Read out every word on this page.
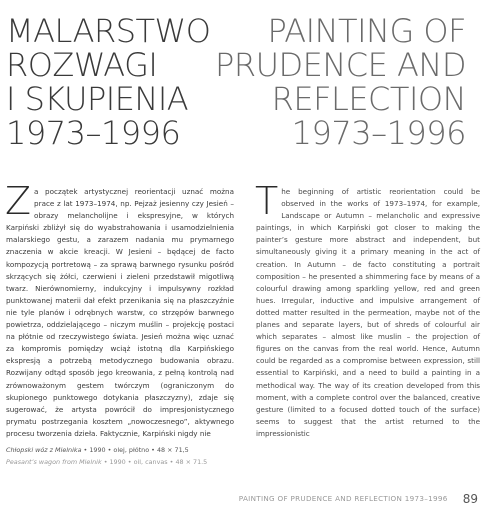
MALARSTWO
ROZWAGI
I SKUPIENIA
1973–1996
PAINTING OF
PRUDENCE AND
REFLECTION
1973–1996
Z a początek artystycznej reorientacji uznać można prace z lat 1973–1974, np. Pejzaż jesienny czy Jesień – obrazy melancholijne i ekspresyjne, w których Karpiński zbliżył się do wyabstrahowania i usamodzielnienia malarskiego gestu, a zarazem nadania mu prymarnego znaczenia w akcie kreacji. W Jesieni – będącej de facto kompozycją portretową – za sprawą barwnego rysunku pośród skrzących się żółci, czerwieni i zieleni przedstawił migotliwą twarz. Nierównomierny, indukcyjny i impulsywny rozkład punktowanej materii dał efekt przenikania się na płaszczyźnie nie tyle planów i odrębnych warstw, co strzępów barwnego powietrza, oddzielającego – niczym muślin – projekcję postaci na płótnie od rzeczywistego świata. Jesień można więc uznać za kompromis pomiędzy wciąż istotną dla Karpińskiego ekspresją a potrzebą metodycznego budowania obrazu. Rozwijany odtąd sposób jego kreowania, z pełną kontrolą nad zrównoważonym gestem twórczym (ograniczonym do skupionego punktowego dotykania płaszczyzny), zdaje się sugerować, że artysta powrócił do impresjonistycznego prymatu postrzegania kosztem „nowoczesnego”, aktywnego procesu tworzenia dzieła. Faktycznie, Karpiński nigdy nie
T he beginning of artistic reorientation could be observed in the works of 1973–1974, for example, Landscape or Autumn – melancholic and expressive paintings, in which Karpiński got closer to making the painter’s gesture more abstract and independent, but simultaneously giving it a primary meaning in the act of creation. In Autumn – de facto constituting a portrait composition – he presented a shimmering face by means of a colourful drawing among sparkling yellow, red and green hues. Irregular, inductive and impulsive arrangement of dotted matter resulted in the permeation, maybe not of the planes and separate layers, but of shreds of colourful air which separates – almost like muslin – the projection of figures on the canvas from the real world. Hence, Autumn could be regarded as a compromise between expression, still essential to Karpiński, and a need to build a painting in a methodical way. The way of its creation developed from this moment, with a complete control over the balanced, creative gesture (limited to a focused dotted touch of the surface) seems to suggest that the artist returned to the impressionistic
Chłopski wóz z Mielnika • 1990 • olej, płótno • 48 × 71,5
Peasant’s wagon from Mielnik • 1990 • oil, canvas • 48 × 71.5
PAINTING OF PRUDENCE AND REFLECTION 1973–1996 89
